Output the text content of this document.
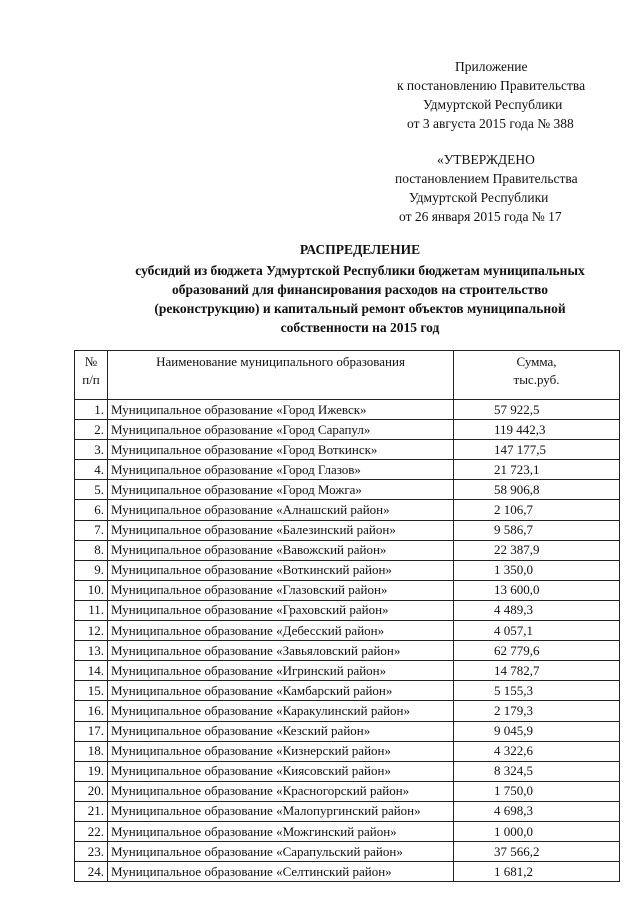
Приложение
к постановлению Правительства
Удмуртской Республики
от 3 августа 2015 года № 388
«УТВЕРЖДЕНО
постановлением Правительства
Удмуртской Республики
от 26 января 2015 года № 17
РАСПРЕДЕЛЕНИЕ
субсидий из бюджета Удмуртской Республики бюджетам муниципальных
образований для финансирования расходов на строительство
(реконструкцию) и капитальный ремонт объектов муниципальной
собственности на 2015 год
№
п/п	Наименование муниципального образования	Сумма,
тыс.руб.
1.	Муниципальное образование «Город Ижевск»	57 922,5
2.	Муниципальное образование «Город Сарапул»	119 442,3
3.	Муниципальное образование «Город Воткинск»	147 177,5
4.	Муниципальное образование «Город Глазов»	21 723,1
5.	Муниципальное образование «Город Можга»	58 906,8
6.	Муниципальное образование «Алнашский район»	2 106,7
7.	Муниципальное образование «Балезинский район»	9 586,7
8.	Муниципальное образование «Вавожский район»	22 387,9
9.	Муниципальное образование «Воткинский район»	1 350,0
10.	Муниципальное образование «Глазовский район»	13 600,0
11.	Муниципальное образование «Граховский район»	4 489,3
12.	Муниципальное образование «Дебесский район»	4 057,1
13.	Муниципальное образование «Завьяловский район»	62 779,6
14.	Муниципальное образование «Игринский район»	14 782,7
15.	Муниципальное образование «Камбарский район»	5 155,3
16.	Муниципальное образование «Каракулинский район»	2 179,3
17.	Муниципальное образование «Кезский район»	9 045,9
18.	Муниципальное образование «Кизнерский район»	4 322,6
19.	Муниципальное образование «Киясовский район»	8 324,5
20.	Муниципальное образование «Красногорский район»	1 750,0
21.	Муниципальное образование «Малопургинский район»	4 698,3
22.	Муниципальное образование «Можгинский район»	1 000,0
23.	Муниципальное образование «Сарапульский район»	37 566,2
24.	Муниципальное образование «Селтинский район»	1 681,2
